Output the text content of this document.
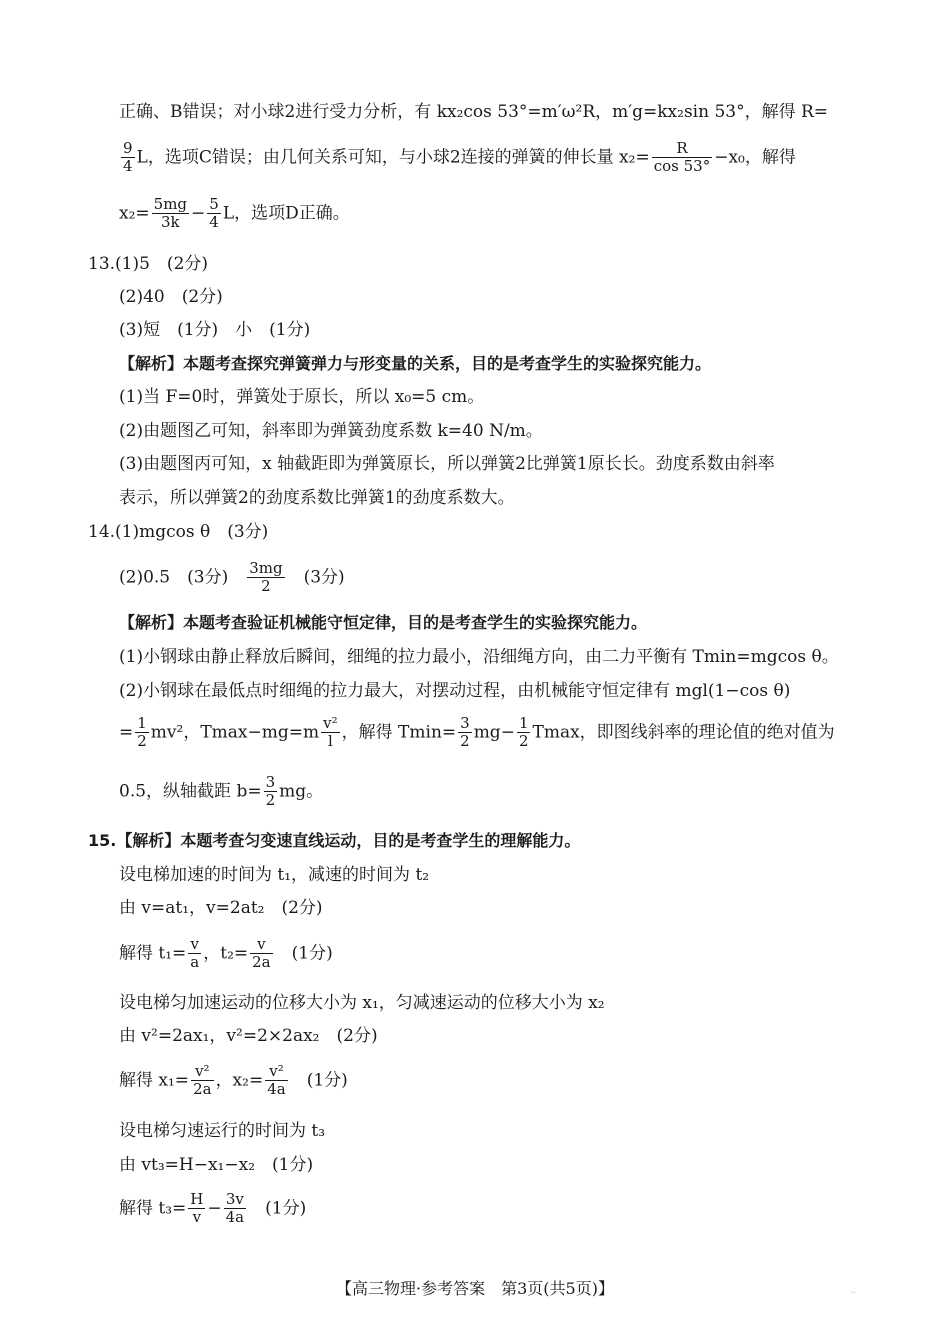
正确、B错误；对小球2进行受力分析，有 kx₂cos 53°=m′ω²R，m′g=kx₂sin 53°，解得 R=
$\frac{9}{4}$ L，选项C错误；由几何关系可知，与小球2连接的弹簧的伸长量 $x_2= \frac{R}{\cos 53^\circ} -x_0$，解得
$x_2= \frac{5mg}{3k} - \frac{5}{4}$ L，选项D正确。
13.(1)5　(2分)
(2)40　(2分)
(3)短　(1分)　小　(1分)
【解析】本题考查探究弹簧弹力与形变量的关系，目的是考查学生的实验探究能力。
(1)当 F=0时，弹簧处于原长，所以 x₀=5 cm。
(2)由题图乙可知，斜率即为弹簧劲度系数 k=40 N/m。
(3)由题图丙可知，x 轴截距即为弹簧原长，所以弹簧2比弹簧1原长长。劲度系数由斜率
表示，所以弹簧2的劲度系数比弹簧1的劲度系数大。
14.(1)mgcos θ　(3分)
(2)0.5　(3分)　 $\frac{3mg}{2}$
　 (3分)
【解析】本题考查验证机械能守恒定律，目的是考查学生的实验探究能力。
(1)小钢球由静止释放后瞬间，细绳的拉力最小，沿细绳方向，由二力平衡有 Tmin=mgcos θ。
(2)小钢球在最低点时细绳的拉力最大，对摆动过程，由机械能守恒定律有 mgl(1−cos θ)
= $\frac{1}{2} mv^2$，$Tmax-mg=m \frac{\text{v²}}{l}$ ，解得 $Tmin= \frac{3}{2} mg- \frac{1}{2}$ Tmax，即图线斜率的理论值的绝对值为
0.5，纵轴截距 $b= \frac{3}{2}$ mg。
15.【解析】本题考查匀变速直线运动，目的是考查学生的理解能力。
设电梯加速的时间为 t₁，减速的时间为 t₂
由 v=at₁，v=2at₂　(2分)
解得 $t_1= \frac{v}{a}$ ，$t_2= \frac{v}{2a}$
　 (1分)
设电梯匀加速运动的位移大小为 x₁，匀减速运动的位移大小为 x₂
由 v²=2ax₁，v²=2×2ax₂　(2分)
解得 $x_1= \frac{\text{v²}}{2a}$ ，$x_2= \frac{\text{v²}}{4a}$
　 (1分)
设电梯匀速运行的时间为 t₃
由 vt₃=H−x₁−x₂　(1分)
解得 $t_3= \frac{H}{v} - \frac{3v}{4a}$
　 (1分)
【高三物理·参考答案　第3页(共5页)】	·-
